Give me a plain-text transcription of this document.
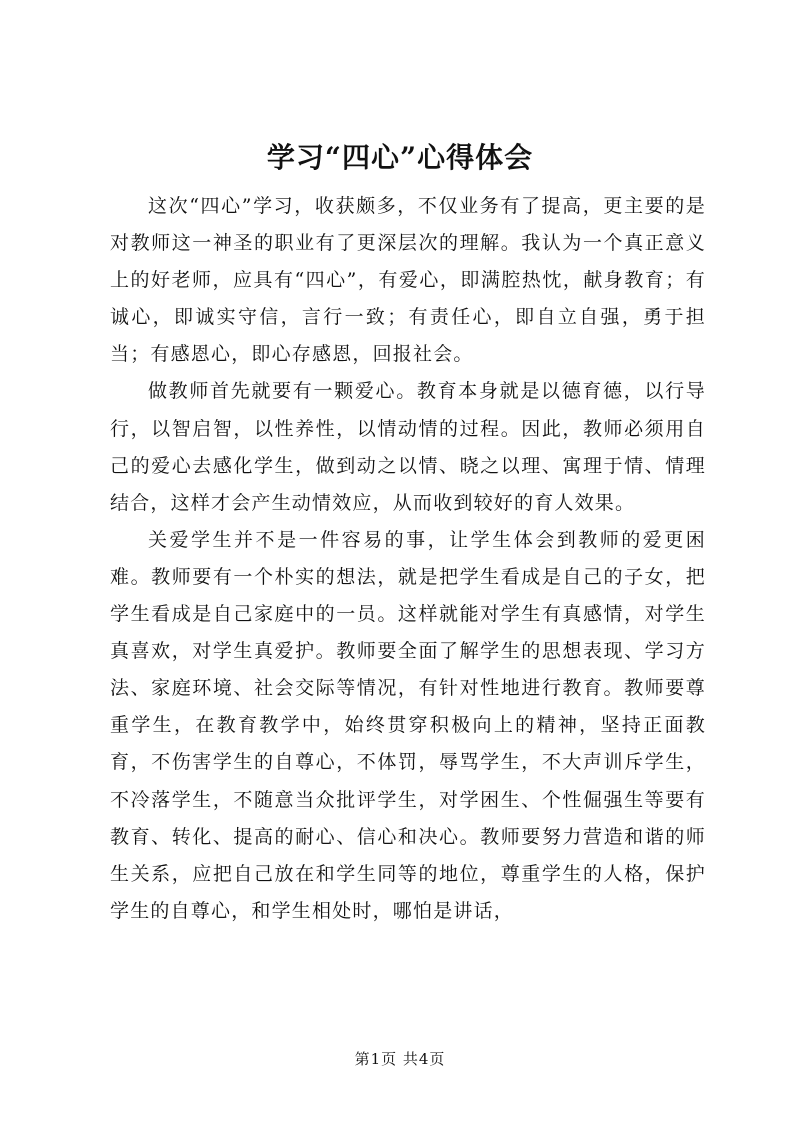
学习“四心”心得体会

这次“四心”学习，收获颇多，不仅业务有了提高，更主要的是对教师这一神圣的职业有了更深层次的理解。我认为一个真正意义上的好老师，应具有“四心”，有爱心，即满腔热忱，献身教育；有诚心，即诚实守信，言行一致；有责任心，即自立自强，勇于担当；有感恩心，即心存感恩，回报社会。

做教师首先就要有一颗爱心。教育本身就是以德育德，以行导行，以智启智，以性养性，以情动情的过程。因此，教师必须用自己的爱心去感化学生，做到动之以情、晓之以理、寓理于情、情理结合，这样才会产生动情效应，从而收到较好的育人效果。

关爱学生并不是一件容易的事，让学生体会到教师的爱更困难。教师要有一个朴实的想法，就是把学生看成是自己的子女，把学生看成是自己家庭中的一员。这样就能对学生有真感情，对学生真喜欢，对学生真爱护。教师要全面了解学生的思想表现、学习方法、家庭环境、社会交际等情况，有针对性地进行教育。教师要尊重学生，在教育教学中，始终贯穿积极向上的精神，坚持正面教育，不伤害学生的自尊心，不体罚，辱骂学生，不大声训斥学生，不冷落学生，不随意当众批评学生，对学困生、个性倔强生等要有教育、转化、提高的耐心、信心和决心。教师要努力营造和谐的师生关系，应把自己放在和学生同等的地位，尊重学生的人格，保护学生的自尊心，和学生相处时，哪怕是讲话，

第1页 共4页
